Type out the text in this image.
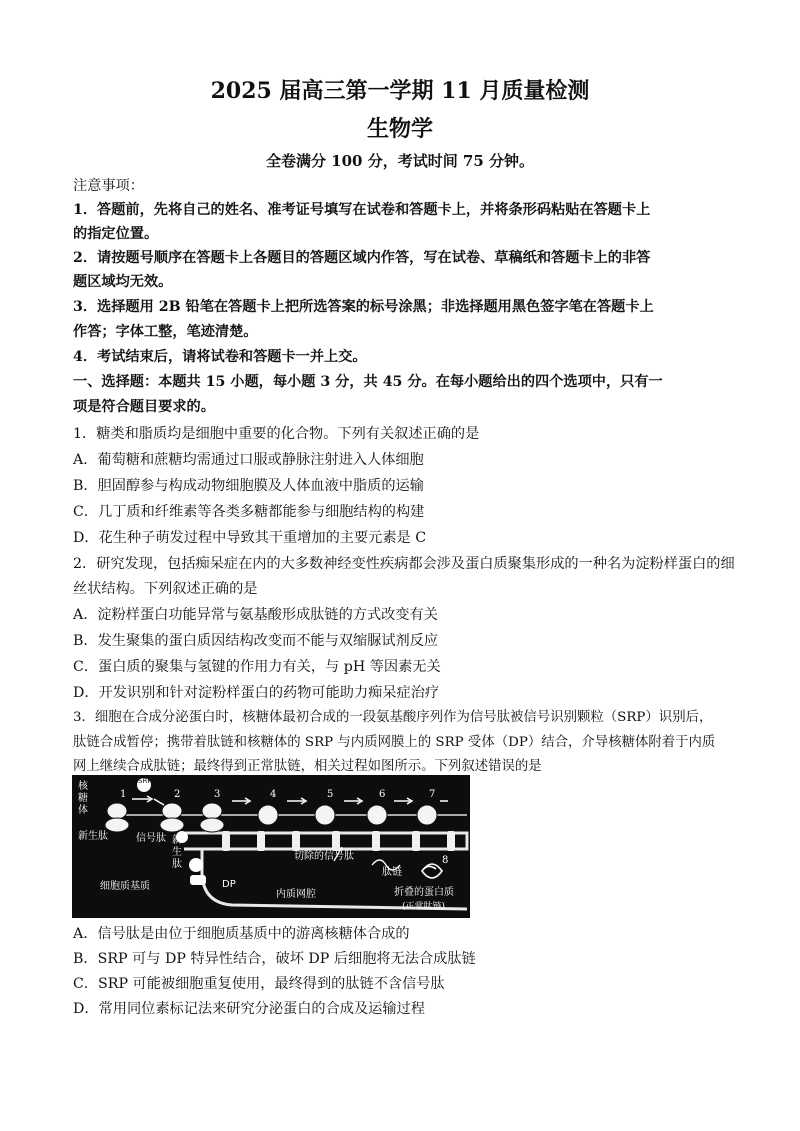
2025 届高三第一学期 11 月质量检测
生物学
全卷满分 100 分，考试时间 75 分钟。
注意事项：
1．答题前，先将自己的姓名、准考证号填写在试卷和答题卡上，并将条形码粘贴在答题卡上
的指定位置。
2．请按题号顺序在答题卡上各题目的答题区域内作答，写在试卷、草稿纸和答题卡上的非答
题区域均无效。
3．选择题用 2B 铅笔在答题卡上把所选答案的标号涂黑；非选择题用黑色签字笔在答题卡上
作答；字体工整，笔迹清楚。
4．考试结束后，请将试卷和答题卡一并上交。
一、选择题：本题共 15 小题，每小题 3 分，共 45 分。在每小题给出的四个选项中，只有一
项是符合题目要求的。
1．糖类和脂质均是细胞中重要的化合物。下列有关叙述正确的是
A．葡萄糖和蔗糖均需通过口服或静脉注射进入人体细胞
B．胆固醇参与构成动物细胞膜及人体血液中脂质的运输
C．几丁质和纤维素等各类多糖都能参与细胞结构的构建
D．花生种子萌发过程中导致其干重增加的主要元素是 C
2．研究发现，包括痴呆症在内的大多数神经变性疾病都会涉及蛋白质聚集形成的一种名为淀粉样蛋白的细
丝状结构。下列叙述正确的是
A．淀粉样蛋白功能异常与氨基酸形成肽链的方式改变有关
B．发生聚集的蛋白质因结构改变而不能与双缩脲试剂反应
C．蛋白质的聚集与氢键的作用力有关，与 pH 等因素无关
D．开发识别和针对淀粉样蛋白的药物可能助力痴呆症治疗
3．细胞在合成分泌蛋白时，核糖体最初合成的一段氨基酸序列作为信号肽被信号识别颗粒（SRP）识别后，
肽链合成暂停；携带着肽链和核糖体的 SRP 与内质网膜上的 SRP 受体（DP）结合，介导核糖体附着于内质
网上继续合成肽链；最终得到正常肽链，相关过程如图所示。下列叙述错误的是
1	2	3	4	5	6	7
8
核
糖
体
新生肽	信号肽
SRP
新
生
肽
DP
细胞质基质
切除的信号肽
肽链
内质网腔	折叠的蛋白质
(正常肽链)
A．信号肽是由位于细胞质基质中的游离核糖体合成的
B．SRP 可与 DP 特异性结合，破坏 DP 后细胞将无法合成肽链
C．SRP 可能被细胞重复使用，最终得到的肽链不含信号肽
D．常用同位素标记法来研究分泌蛋白的合成及运输过程
